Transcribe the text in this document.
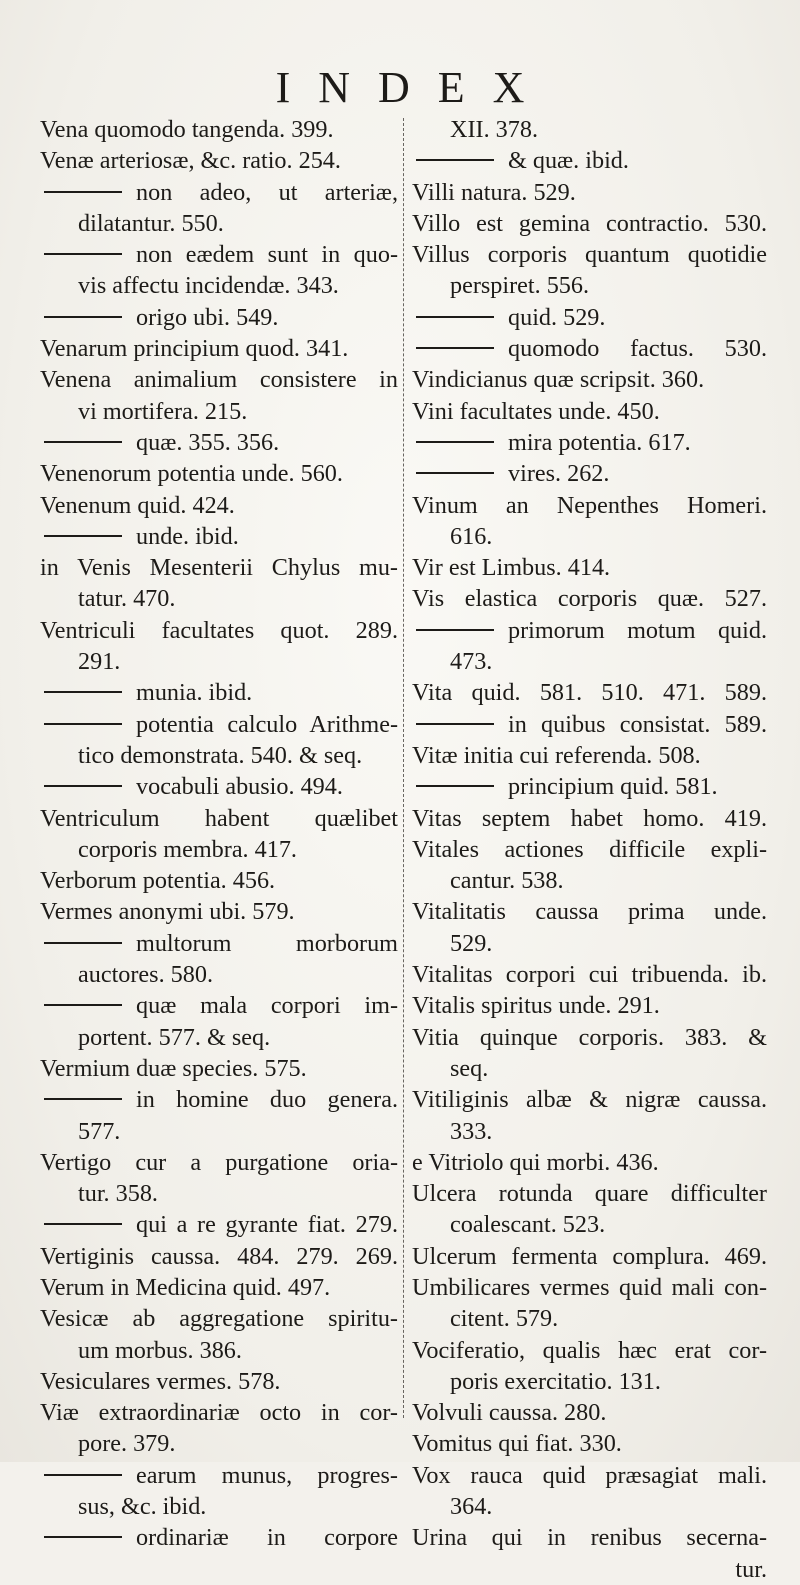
INDEX
Vena quomodo tangenda. 399.
Venæ arteriosæ, &c. ratio. 254.
non adeo, ut arteriæ,
dilatantur. 550.
non eædem sunt in quo-
vis affectu incidendæ. 343.
origo ubi. 549.
Venarum principium quod. 341.
Venena animalium consistere in
vi mortifera. 215.
quæ. 355. 356.
Venenorum potentia unde. 560.
Venenum quid. 424.
unde. ibid.
in Venis Mesenterii Chylus mu-
tatur. 470.
Ventriculi facultates quot. 289.
291.
munia. ibid.
potentia calculo Arithme-
tico demonstrata. 540. & seq.
vocabuli abusio. 494.
Ventriculum habent quælibet
corporis membra. 417.
Verborum potentia. 456.
Vermes anonymi ubi. 579.
multorum morborum
auctores. 580.
quæ mala corpori im-
portent. 577. & seq.
Vermium duæ species. 575.
in homine duo genera.
577.
Vertigo cur a purgatione oria-
tur. 358.
qui a re gyrante fiat. 279.
Vertiginis caussa. 484. 279. 269.
Verum in Medicina quid. 497.
Vesicæ ab aggregatione spiritu-
um morbus. 386.
Vesiculares vermes. 578.
Viæ extraordinariæ octo in cor-
pore. 379.
earum munus, progres-
sus, &c. ibid.
ordinariæ in corpore
XII. 378.
& quæ. ibid.
Villi natura. 529.
Villo est gemina contractio. 530.
Villus corporis quantum quotidie
perspiret. 556.
quid. 529.
quomodo factus. 530.
Vindicianus quæ scripsit. 360.
Vini facultates unde. 450.
mira potentia. 617.
vires. 262.
Vinum an Nepenthes Homeri.
616.
Vir est Limbus. 414.
Vis elastica corporis quæ. 527.
primorum motum quid.
473.
Vita quid. 581. 510. 471. 589.
in quibus consistat. 589.
Vitæ initia cui referenda. 508.
principium quid. 581.
Vitas septem habet homo. 419.
Vitales actiones difficile expli-
cantur. 538.
Vitalitatis caussa prima unde.
529.
Vitalitas corpori cui tribuenda. ib.
Vitalis spiritus unde. 291.
Vitia quinque corporis. 383. &
seq.
Vitiliginis albæ & nigræ caussa.
333.
e Vitriolo qui morbi. 436.
Ulcera rotunda quare difficulter
coalescant. 523.
Ulcerum fermenta complura. 469.
Umbilicares vermes quid mali con-
citent. 579.
Vociferatio, qualis hæc erat cor-
poris exercitatio. 131.
Volvuli caussa. 280.
Vomitus qui fiat. 330.
Vox rauca quid præsagiat mali.
364.
Urina qui in renibus secerna-
tur.
